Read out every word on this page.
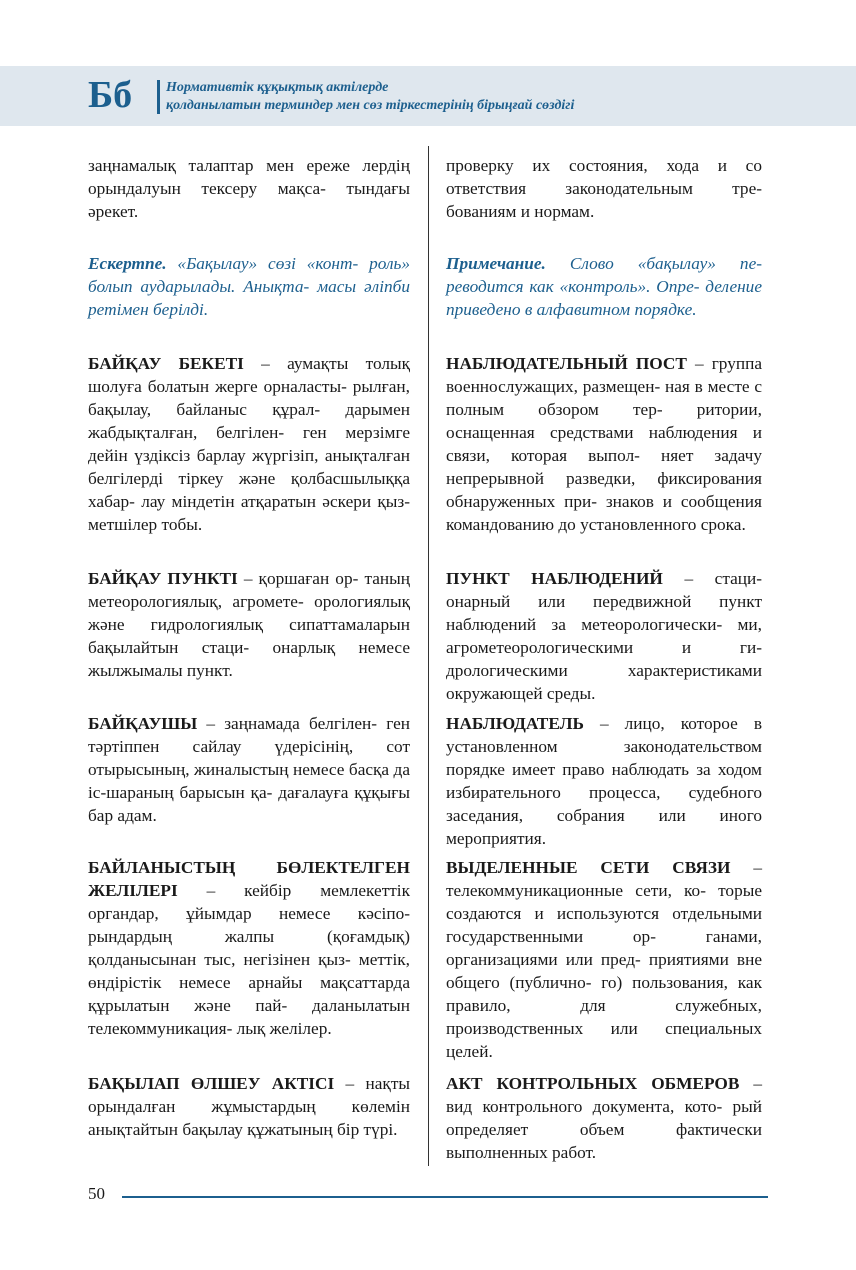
Бб Нормативтік құқықтық актілерде
қолданылатын терминдер мен сөз тіркестерінің бірыңғай сөздігі

заңнамалық талаптар мен ереже лердің орындалуын тексеру мақса- тындағы әрекет.

Ескертпе. «Бақылау» сөзі «конт- роль» болып аударылады. Анықта- масы әліпби ретімен берілді.

БАЙҚАУ БЕКЕТІ – аумақты толық шолуға болатын жерге орналасты- рылған, бақылау, байланыс құрал- дарымен жабдықталған, белгілен- ген мерзімге дейін үздіксіз барлау жүргізіп, анықталған белгілерді тіркеу және қолбасшылыққа хабар- лау міндетін атқаратын әскери қыз- метшілер тобы.

БАЙҚАУ ПУНКТІ – қоршаған ор- таның метеорологиялық, агромете- орологиялық және гидрологиялық сипаттамаларын бақылайтын стаци- онарлық немесе жылжымалы пункт.

БАЙҚАУШЫ – заңнамада белгілен- ген тәртіппен сайлау үдерісінің, сот отырысының, жиналыстың немесе басқа да іс-шараның барысын қа- дағалауға құқығы бар адам.

БАЙЛАНЫСТЫҢ БӨЛЕКТЕЛГЕН ЖЕЛІЛЕРІ – кейбір мемлекеттік органдар, ұйымдар немесе кәсіпо- рындардың жалпы (қоғамдық) қолданысынан тыс, негізінен қыз- меттік, өндірістік немесе арнайы мақсаттарда құрылатын және пай- даланылатын телекоммуникация- лық желілер.

БАҚЫЛАП ӨЛШЕУ АКТІСІ – нақты орындалған жұмыстардың көлемін анықтайтын бақылау құжатының бір түрі.

проверку их состояния, хода и со ответствия законодательным тре- бованиям и нормам.

Примечание. Слово «бақылау» пе- реводится как «контроль». Опре- деление приведено в алфавитном порядке.

НАБЛЮДАТЕЛЬНЫЙ ПОСТ – группа военнослужащих, размещен- ная в месте с полным обзором тер- ритории, оснащенная средствами наблюдения и связи, которая выпол- няет задачу непрерывной разведки, фиксирования обнаруженных при- знаков и сообщения командованию до установленного срока.

ПУНКТ НАБЛЮДЕНИЙ – стаци- онарный или передвижной пункт наблюдений за метеорологически- ми, агрометеорологическими и ги- дрологическими характеристиками окружающей среды.

НАБЛЮДАТЕЛЬ – лицо, которое в установленном законодательством порядке имеет право наблюдать за ходом избирательного процесса, судебного заседания, собрания или иного мероприятия.

ВЫДЕЛЕННЫЕ СЕТИ СВЯЗИ – телекоммуникационные сети, ко- торые создаются и используются отдельными государственными ор- ганами, организациями или пред- приятиями вне общего (публично- го) пользования, как правило, для служебных, производственных или специальных целей.

АКТ КОНТРОЛЬНЫХ ОБМЕРОВ – вид контрольного документа, кото- рый определяет объем фактически выполненных работ.

50
